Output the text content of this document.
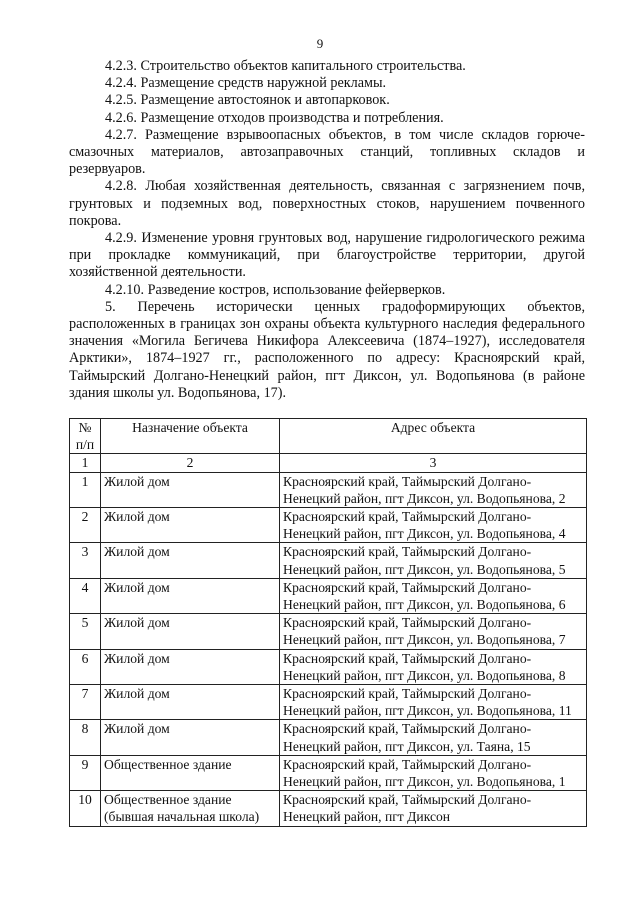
9

4.2.3. Строительство объектов капитального строительства.

4.2.4. Размещение средств наружной рекламы.

4.2.5. Размещение автостоянок и автопарковок.

4.2.6. Размещение отходов производства и потребления.

4.2.7. Размещение взрывоопасных объектов, в том числе складов горюче-смазочных материалов, автозаправочных станций, топливных складов и резервуаров.

4.2.8. Любая хозяйственная деятельность, связанная с загрязнением почв, грунтовых и подземных вод, поверхностных стоков, нарушением почвенного покрова.

4.2.9. Изменение уровня грунтовых вод, нарушение гидрологического режима при прокладке коммуникаций, при благоустройстве территории, другой хозяйственной деятельности.

4.2.10. Разведение костров, использование фейерверков.

5. Перечень исторически ценных градоформирующих объектов, расположенных в границах зон охраны объекта культурного наследия федерального значения «Могила Бегичева Никифора Алексеевича (1874–1927), исследователя Арктики», 1874–1927 гг., расположенного по адресу: Красноярский край, Таймырский Долгано-Ненецкий район, пгт Диксон, ул. Водопьянова (в районе здания школы ул. Водопьянова, 17).

№ п/п	Назначение объекта	Адрес объекта
1	2	3
1	Жилой дом	Красноярский край, Таймырский Долгано-Ненецкий район, пгт Диксон, ул. Водопьянова, 2
2	Жилой дом	Красноярский край, Таймырский Долгано-Ненецкий район, пгт Диксон, ул. Водопьянова, 4
3	Жилой дом	Красноярский край, Таймырский Долгано-Ненецкий район, пгт Диксон, ул. Водопьянова, 5
4	Жилой дом	Красноярский край, Таймырский Долгано-Ненецкий район, пгт Диксон, ул. Водопьянова, 6
5	Жилой дом	Красноярский край, Таймырский Долгано-Ненецкий район, пгт Диксон, ул. Водопьянова, 7
6	Жилой дом	Красноярский край, Таймырский Долгано-Ненецкий район, пгт Диксон, ул. Водопьянова, 8
7	Жилой дом	Красноярский край, Таймырский Долгано-Ненецкий район, пгт Диксон, ул. Водопьянова, 11
8	Жилой дом	Красноярский край, Таймырский Долгано-Ненецкий район, пгт Диксон, ул. Таяна, 15
9	Общественное здание	Красноярский край, Таймырский Долгано-Ненецкий район, пгт Диксон, ул. Водопьянова, 1
10	Общественное здание (бывшая начальная школа)	Красноярский край, Таймырский Долгано-Ненецкий район, пгт Диксон
